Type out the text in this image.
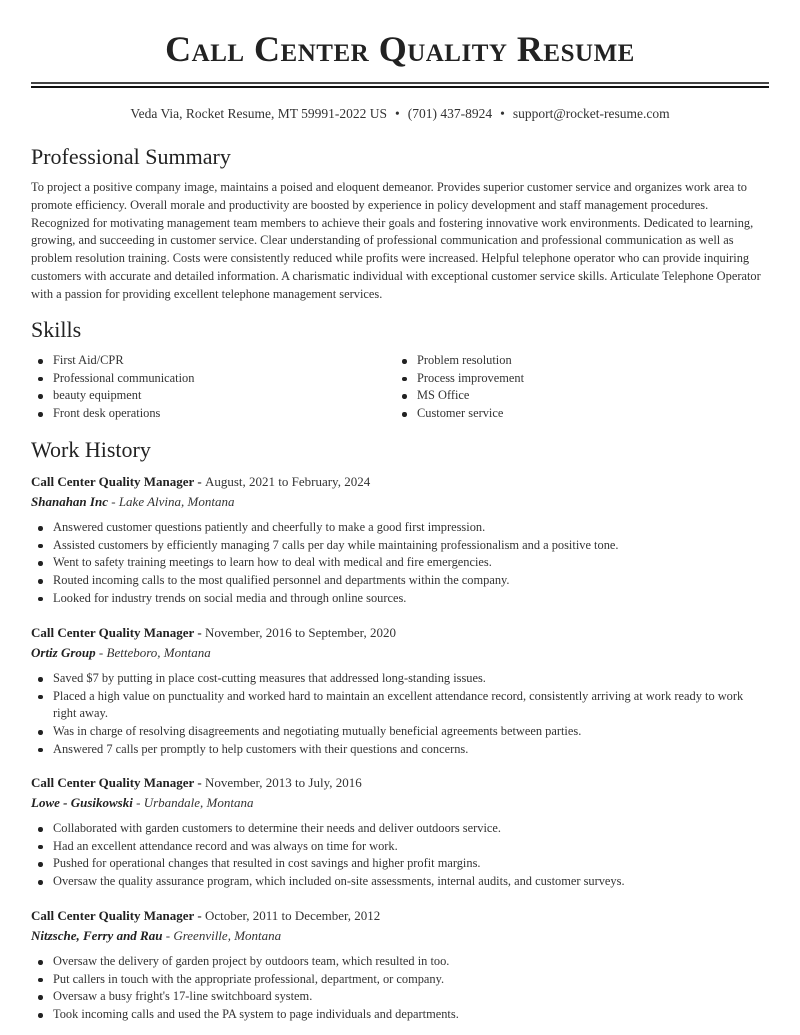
Call Center Quality Resume
Veda Via, Rocket Resume, MT 59991-2022 US • (701) 437-8924 • support@rocket-resume.com
Professional Summary

To project a positive company image, maintains a poised and eloquent demeanor. Provides superior customer service and organizes work area to promote efficiency. Overall morale and productivity are boosted by experience in policy development and staff management procedures. Recognized for motivating management team members to achieve their goals and fostering innovative work environments. Dedicated to learning, growing, and succeeding in customer service. Clear understanding of professional communication and professional communication as well as problem resolution training. Costs were consistently reduced while profits were increased. Helpful telephone operator who can provide inquiring customers with accurate and detailed information. A charismatic individual with exceptional customer service skills. Articulate Telephone Operator with a passion for providing excellent telephone management services.

Skills
First Aid/CPR
Professional communication
beauty equipment
Front desk operations
Problem resolution
Process improvement
MS Office
Customer service
Work History
Call Center Quality Manager - August, 2021 to February, 2024
Shanahan Inc - Lake Alvina, Montana
Answered customer questions patiently and cheerfully to make a good first impression.
Assisted customers by efficiently managing 7 calls per day while maintaining professionalism and a positive tone.
Went to safety training meetings to learn how to deal with medical and fire emergencies.
Routed incoming calls to the most qualified personnel and departments within the company.
Looked for industry trends on social media and through online sources.
Call Center Quality Manager - November, 2016 to September, 2020
Ortiz Group - Betteboro, Montana
Saved $7 by putting in place cost-cutting measures that addressed long-standing issues.
Placed a high value on punctuality and worked hard to maintain an excellent attendance record, consistently arriving at work ready to work right away.
Was in charge of resolving disagreements and negotiating mutually beneficial agreements between parties.
Answered 7 calls per promptly to help customers with their questions and concerns.
Call Center Quality Manager - November, 2013 to July, 2016
Lowe - Gusikowski - Urbandale, Montana
Collaborated with garden customers to determine their needs and deliver outdoors service.
Had an excellent attendance record and was always on time for work.
Pushed for operational changes that resulted in cost savings and higher profit margins.
Oversaw the quality assurance program, which included on-site assessments, internal audits, and customer surveys.
Call Center Quality Manager - October, 2011 to December, 2012
Nitzsche, Ferry and Rau - Greenville, Montana
Oversaw the delivery of garden project by outdoors team, which resulted in too.
Put callers in touch with the appropriate professional, department, or company.
Oversaw a busy fright's 17-line switchboard system.
Took incoming calls and used the PA system to page individuals and departments.
